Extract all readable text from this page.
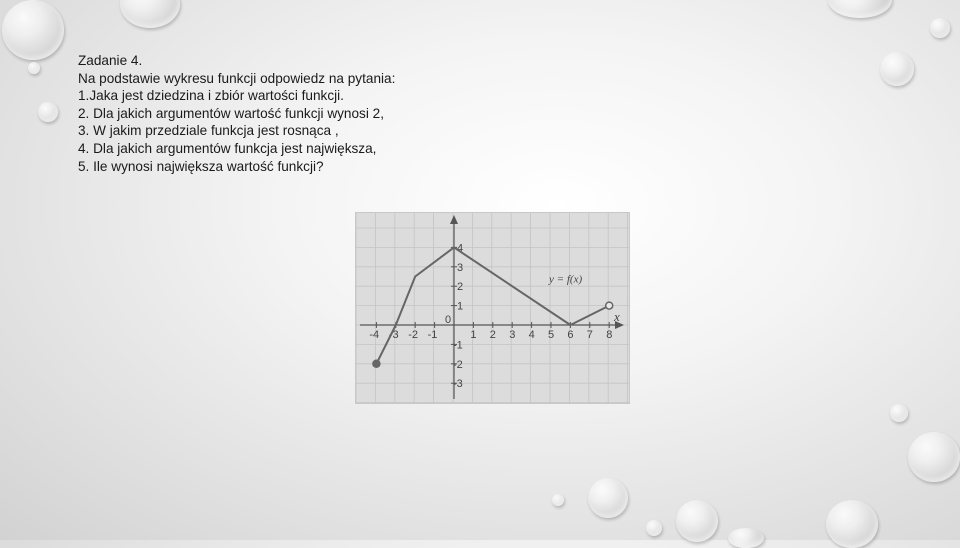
Zadanie 4.
Na podstawie wykresu funkcji odpowiedz na pytania:
1.Jaka jest dziedzina i zbiór wartości funkcji.
2. Dla jakich argumentów wartość funkcji wynosi 2,
3. W jakim przedziale funkcja jest rosnąca ,
4. Dla jakich argumentów funkcja jest największa,
5. Ile wynosi największa wartość funkcji?
x
-4 -3 -2 -1
0
1 2 3 4 5 6 7 8
4
3
2
1
-1
-2
-3
y = f(x)
